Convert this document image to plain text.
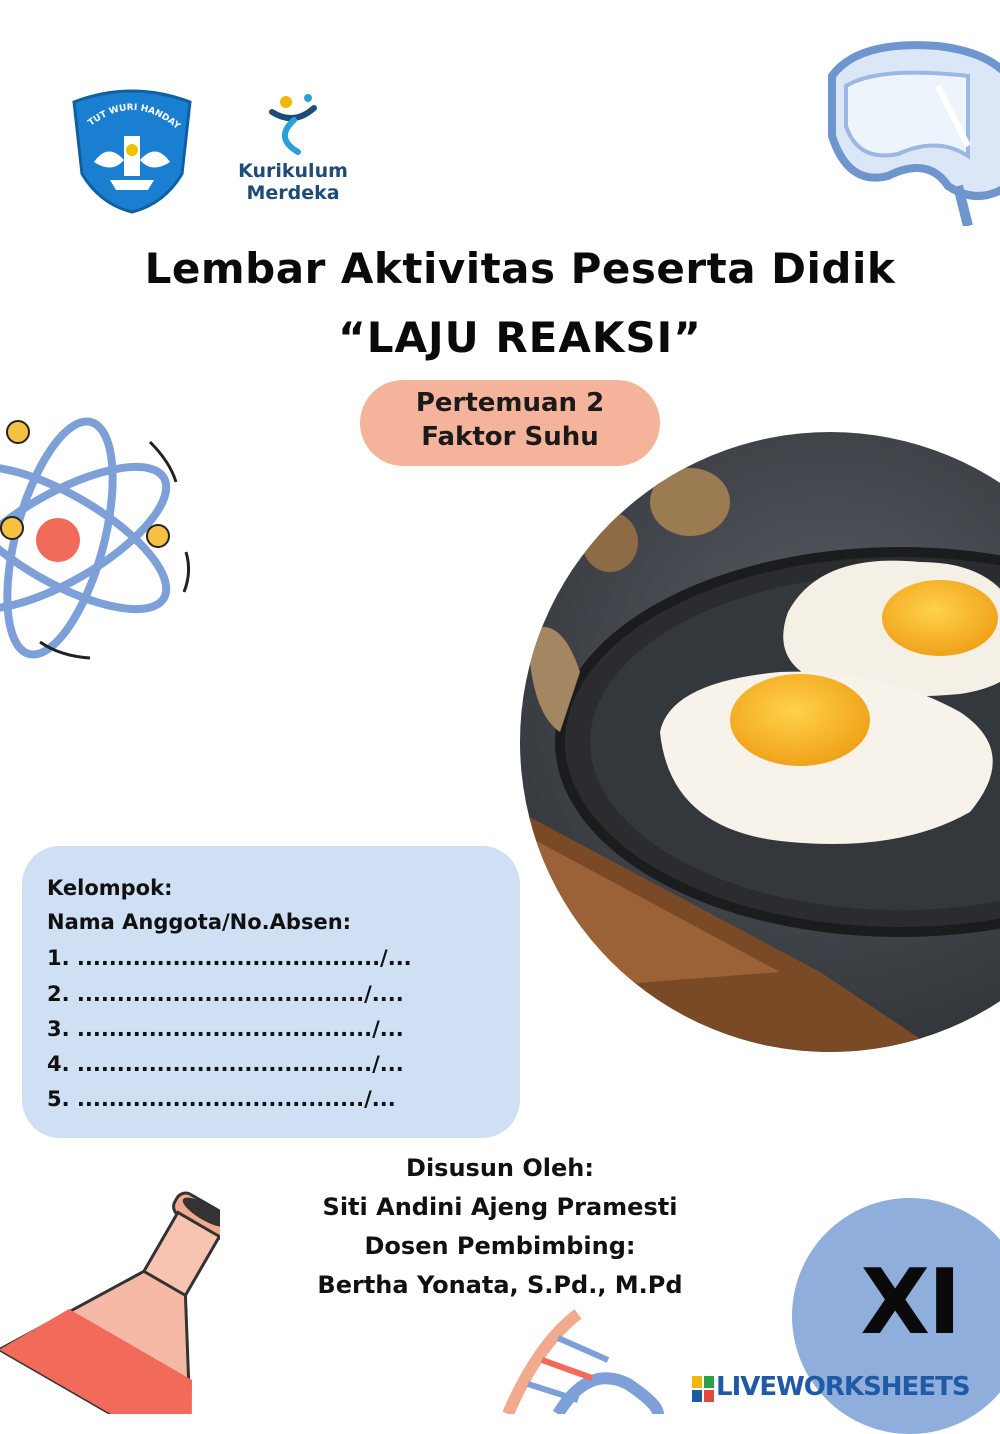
TUT WURI HANDAY
Kurikulum
Merdeka
Lembar Aktivitas Peserta Didik
“LAJU REAKSI”
Pertemuan 2
Faktor Suhu
Kelompok:
Nama Anggota/No.Absen:
1. ....................................../...
2. ..................................../....
3. ...................................../...
4. ...................................../...
5. ..................................../...
Disusun Oleh:
Siti Andini Ajeng Pramesti
Dosen Pembimbing:
Bertha Yonata, S.Pd., M.Pd	XI
LIVEWORKSHEETS
